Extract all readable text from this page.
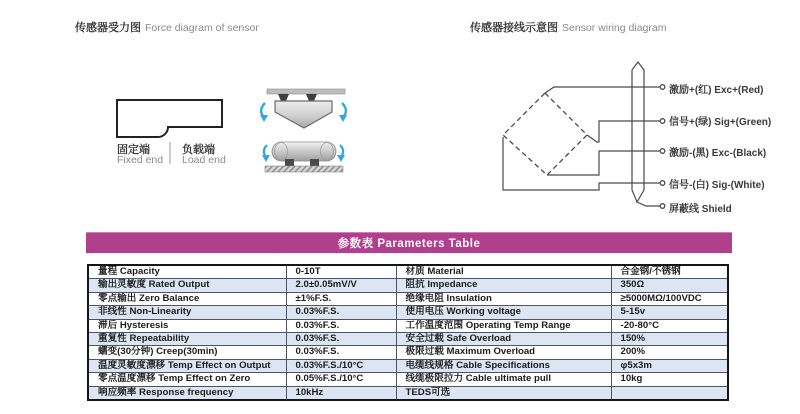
传感器受力图 Force diagram of sensor	传感器接线示意图 Sensor wiring diagram
固定端
Fixed end
负载端
Load end
激励+(红) Exc+(Red)
信号+(绿) Sig+(Green)
激励-(黑) Exc-(Black)
信号-(白) Sig-(White)
屏蔽线 Shield
参数表 Parameters Table
量程 Capacity	0-10T	材质 Material	合金钢/不锈钢
输出灵敏度 Rated Output	2.0±0.05mV/V	阻抗 Impedance	350Ω
零点输出 Zero Balance	±1%F.S.	绝缘电阻 Insulation	≥5000MΩ/100VDC
非线性 Non-Linearity	0.03%F.S.	使用电压 Working voltage	5-15v
滞后 Hysteresis	0.03%F.S.	工作温度范围 Operating Temp Range	-20-80°C
重复性 Repeatability	0.03%F.S.	安全过载 Safe Overload	150%
蠕变(30分钟) Creep(30min)	0.03%F.S.	极限过载 Maximum Overload	200%
温度灵敏度漂移 Temp Effect on Output	0.03%F.S./10°C	电缆线规格 Cable Specifications	φ5x3m
零点温度漂移 Temp Effect on Zero	0.05%F.S./10°C	线缆极限拉力 Cable ultimate pull	10kg
响应频率 Response frequency	10kHz	TEDS可选	
